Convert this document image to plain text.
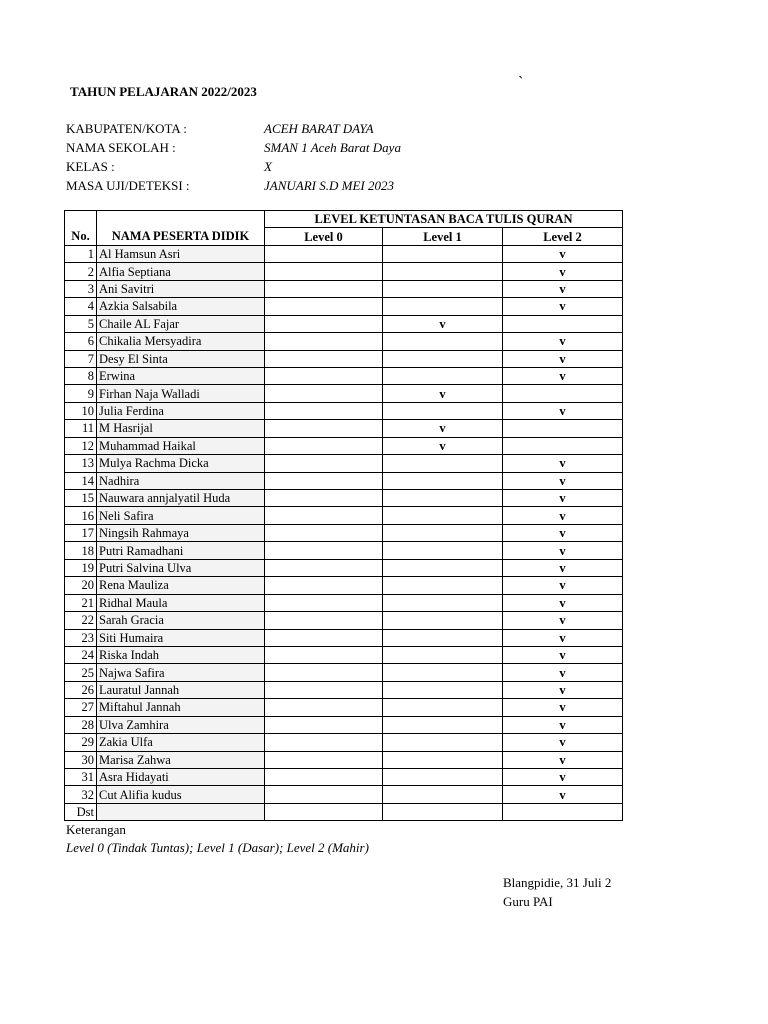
`
TAHUN PELAJARAN 2022/2023
KABUPATEN/KOTA :	ACEH BARAT DAYA
NAMA SEKOLAH :	SMAN 1 Aceh Barat Daya
KELAS :	X
MASA UJI/DETEKSI :	JANUARI S.D MEI 2023
		LEVEL KETUNTASAN BACA TULIS QURAN		
No.	NAMA PESERTA DIDIK	Level 0	Level 1	Level 2
1	Al Hamsun Asri			v
2	Alfia Septiana			v
3	Ani Savitri			v
4	Azkia Salsabila			v
5	Chaile AL Fajar		v	
6	Chikalia Mersyadira			v
7	Desy El Sinta			v
8	Erwina			v
9	Firhan Naja Walladi		v	
10	Julia Ferdina			v
11	M Hasrijal		v	
12	Muhammad Haikal		v	
13	Mulya Rachma Dicka			v
14	Nadhira			v
15	Nauwara annjalyatil Huda			v
16	Neli Safira			v
17	Ningsih Rahmaya			v
18	Putri Ramadhani			v
19	Putri Salvina Ulva			v
20	Rena Mauliza			v
21	Ridhal Maula			v
22	Sarah Gracia			v
23	Siti Humaira			v
24	Riska Indah			v
25	Najwa Safira			v
26	Lauratul Jannah			v
27	Miftahul Jannah			v
28	Ulva Zamhira			v
29	Zakia Ulfa			v
30	Marisa Zahwa			v
31	Asra Hidayati			v
32	Cut Alifia kudus			v
Dst				
Keterangan
Level 0 (Tindak Tuntas); Level 1 (Dasar); Level 2 (Mahir)
Blangpidie, 31 Juli 2
Guru PAI
